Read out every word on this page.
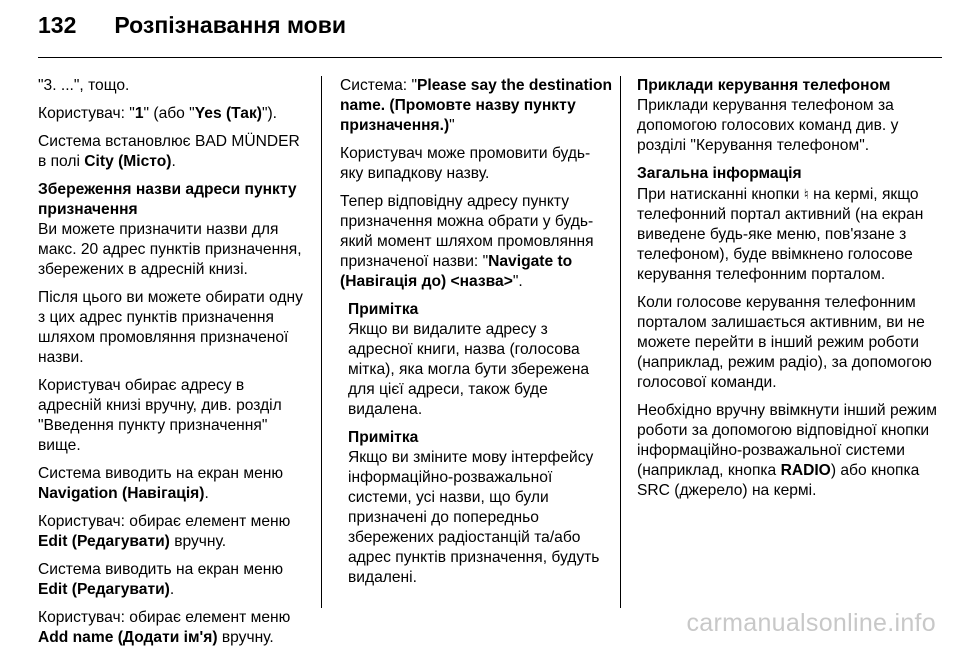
132 Розпізнавання мови

"3. ...", тощо.

Користувач: "1" (або "Yes (Так)").

Система встановлює BAD MÜNDER в полі City (Місто).

Збереження назви адреси пункту призначення

Ви можете призначити назви для макс. 20 адрес пунктів призначення, збережених в адресній книзі.

Після цього ви можете обирати одну з цих адрес пунктів призначення шляхом промовляння призначеної назви.

Користувач обирає адресу в адресній книзі вручну, див. розділ "Введення пункту призначення" вище.

Система виводить на екран меню Navigation (Навігація).

Користувач: обирає елемент меню Edit (Редагувати) вручну.

Система виводить на екран меню Edit (Редагувати).

Користувач: обирає елемент меню Add name (Додати ім'я) вручну.

Система: "Please say the destination name. (Промовте назву пункту призначення.)"

Користувач може промовити будь-яку випадкову назву.

Тепер відповідну адресу пункту призначення можна обрати у будь-який момент шляхом промовляння призначеної назви: "Navigate to (Навігація до) <назва>".

Примітка

Якщо ви видалите адресу з адресної книги, назва (голосова мітка), яка могла бути збережена для цієї адреси, також буде видалена.

Примітка

Якщо ви зміните мову інтерфейсу інформаційно-розважальної системи, усі назви, що були призначені до попередньо збережених радіостанцій та/або адрес пунктів призначення, будуть видалені.

Приклади керування телефоном

Приклади керування телефоном за допомогою голосових команд див. у розділі "Керування телефоном".

Загальна інформація

При натисканні кнопки ♮ на кермі, якщо телефонний портал активний (на екран виведене будь-яке меню, пов'язане з телефоном), буде ввімкнено голосове керування телефонним порталом.

Коли голосове керування телефонним порталом залишається активним, ви не можете перейти в інший режим роботи (наприклад, режим радіо), за допомогою голосової команди.

Необхідно вручну ввімкнути інший режим роботи за допомогою відповідної кнопки інформаційно-розважальної системи (наприклад, кнопка RADIO) або кнопка SRC (джерело) на кермі.

carmanualsonline.info
